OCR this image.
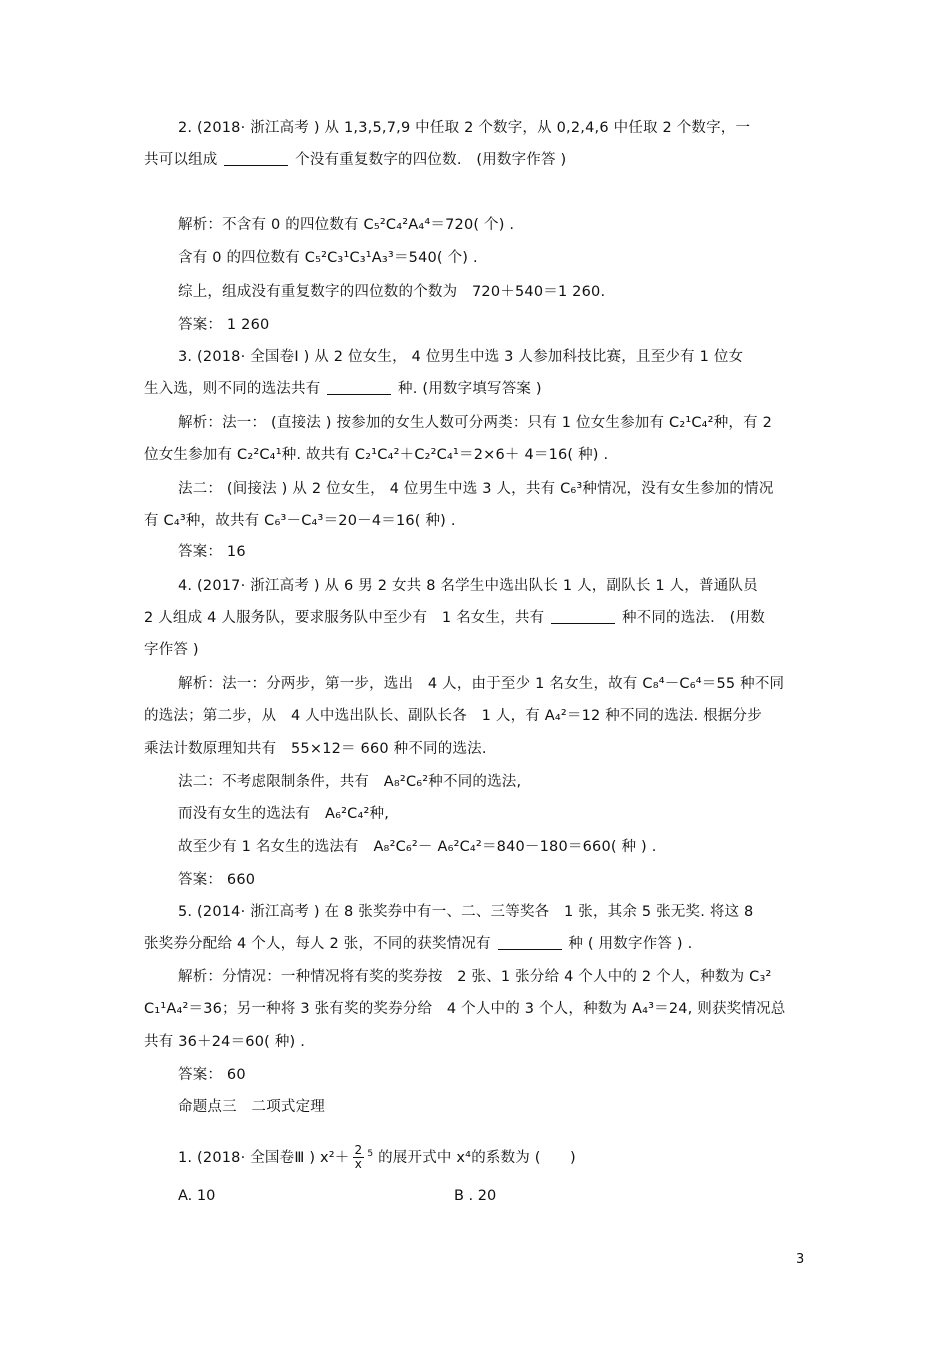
2. (2018· 浙江高考 ) 从 1,3,5,7,9 中任取 2 个数字，从 0,2,4,6 中任取 2 个数字，一
共可以组成	个没有重复数字的四位数.　(用数字作答 )
解析：不含有 0 的四位数有 C₅²C₄²A₄⁴＝720( 个) .
含有 0 的四位数有 C₅²C₃¹C₃¹A₃³＝540( 个) .
综上，组成没有重复数字的四位数的个数为　720＋540＝1 260.
答案： 1 260
3. (2018· 全国卷Ⅰ ) 从 2 位女生， 4 位男生中选 3 人参加科技比赛，且至少有 1 位女
生入选，则不同的选法共有	种. (用数字填写答案 )
解析：法一： (直接法 ) 按参加的女生人数可分两类：只有 1 位女生参加有 C₂¹C₄²种，有 2
位女生参加有 C₂²C₄¹种. 故共有 C₂¹C₄²＋C₂²C₄¹＝2×6＋ 4＝16( 种) .
法二： (间接法 ) 从 2 位女生， 4 位男生中选 3 人，共有 C₆³种情况，没有女生参加的情况
有 C₄³种，故共有 C₆³－C₄³＝20－4＝16( 种) .
答案： 16
4. (2017· 浙江高考 ) 从 6 男 2 女共 8 名学生中选出队长 1 人，副队长 1 人，普通队员
2 人组成 4 人服务队，要求服务队中至少有　1 名女生，共有	种不同的选法.　(用数
字作答 )
解析：法一：分两步，第一步，选出　4 人，由于至少 1 名女生，故有 C₈⁴－C₆⁴＝55 种不同
的选法；第二步，从　4 人中选出队长、副队长各　1 人，有 A₄²＝12 种不同的选法. 根据分步
乘法计数原理知共有　55×12＝ 660 种不同的选法.
法二：不考虑限制条件，共有　A₈²C₆²种不同的选法,
而没有女生的选法有　A₆²C₄²种,
故至少有 1 名女生的选法有　A₈²C₆²－ A₆²C₄²＝840－180＝660( 种 ) .
答案： 660
5. (2014· 浙江高考 ) 在 8 张奖券中有一、二、三等奖各　1 张，其余 5 张无奖. 将这 8
张奖券分配给 4 个人，每人 2 张，不同的获奖情况有	种 ( 用数字作答 ) .
解析：分情况：一种情况将有奖的奖券按　2 张、1 张分给 4 个人中的 2 个人，种数为 C₃²
C₁¹A₄²＝36；另一种将 3 张有奖的奖券分给　4 个人中的 3 个人，种数为 A₄³＝24, 则获奖情况总
共有 36＋24＝60( 种) .
答案： 60
命题点三　二项式定理
1. (2018· 全国卷Ⅲ ) $x^2+ \frac{2}{x} ^5$ 的展开式中 x⁴的系数为 (　　)
A. 10	B . 20
3
